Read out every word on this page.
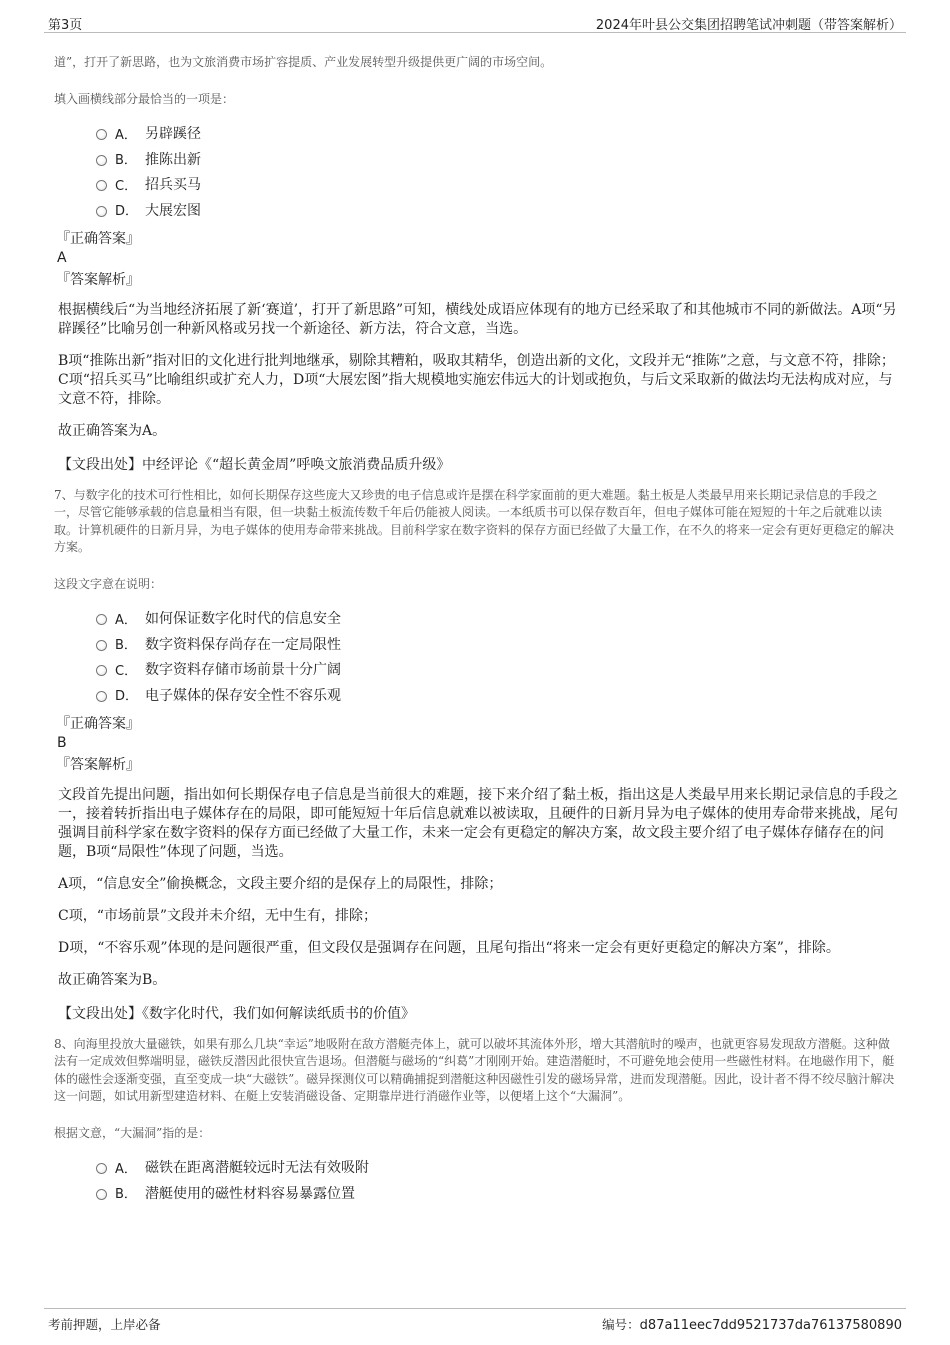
第3页	2024年叶县公交集团招聘笔试冲刺题（带答案解析）

道”，打开了新思路，也为文旅消费市场扩容提质、产业发展转型升级提供更广阔的市场空间。

填入画横线部分最恰当的一项是：
A． 另辟蹊径
B． 推陈出新
C． 招兵买马
D． 大展宏图
『正确答案』
A
『答案解析』

根据横线后“为当地经济拓展了新‘赛道’，打开了新思路”可知，横线处成语应体现有的地方已经采取了和其他城市不同的新做法。A项“另辟蹊径”比喻另创一种新风格或另找一个新途径、新方法，符合文意，当选。

B项“推陈出新”指对旧的文化进行批判地继承，剔除其糟粕，吸取其精华，创造出新的文化，文段并无“推陈”之意，与文意不符，排除；C项“招兵买马”比喻组织或扩充人力，D项“大展宏图”指大规模地实施宏伟远大的计划或抱负，与后文采取新的做法均无法构成对应，与文意不符，排除。

故正确答案为A。

【文段出处】中经评论《“超长黄金周”呼唤文旅消费品质升级》

7、与数字化的技术可行性相比，如何长期保存这些庞大又珍贵的电子信息或许是摆在科学家面前的更大难题。黏土板是人类最早用来长期记录信息的手段之一，尽管它能够承载的信息量相当有限，但一块黏土板流传数千年后仍能被人阅读。一本纸质书可以保存数百年，但电子媒体可能在短短的十年之后就难以读取。计算机硬件的日新月异，为电子媒体的使用寿命带来挑战。目前科学家在数字资料的保存方面已经做了大量工作，在不久的将来一定会有更好更稳定的解决方案。

这段文字意在说明：
A． 如何保证数字化时代的信息安全
B． 数字资料保存尚存在一定局限性
C． 数字资料存储市场前景十分广阔
D． 电子媒体的保存安全性不容乐观
『正确答案』
B
『答案解析』

文段首先提出问题，指出如何长期保存电子信息是当前很大的难题，接下来介绍了黏土板，指出这是人类最早用来长期记录信息的手段之一，接着转折指出电子媒体存在的局限，即可能短短十年后信息就难以被读取，且硬件的日新月异为电子媒体的使用寿命带来挑战，尾句强调目前科学家在数字资料的保存方面已经做了大量工作，未来一定会有更稳定的解决方案，故文段主要介绍了电子媒体存储存在的问题，B项“局限性”体现了问题，当选。

A项，“信息安全”偷换概念，文段主要介绍的是保存上的局限性，排除；

C项，“市场前景”文段并未介绍，无中生有，排除；

D项，“不容乐观”体现的是问题很严重，但文段仅是强调存在问题，且尾句指出“将来一定会有更好更稳定的解决方案”，排除。

故正确答案为B。

【文段出处】《数字化时代，我们如何解读纸质书的价值》

8、向海里投放大量磁铁，如果有那么几块“幸运”地吸附在敌方潜艇壳体上，就可以破坏其流体外形，增大其潜航时的噪声，也就更容易发现敌方潜艇。这种做法有一定成效但弊端明显，磁铁反潜因此很快宣告退场。但潜艇与磁场的“纠葛”才刚刚开始。建造潜艇时，不可避免地会使用一些磁性材料。在地磁作用下，艇体的磁性会逐渐变强，直至变成一块“大磁铁”。磁异探测仪可以精确捕捉到潜艇这种因磁性引发的磁场异常，进而发现潜艇。因此，设计者不得不绞尽脑汁解决这一问题，如试用新型建造材料、在艇上安装消磁设备、定期靠岸进行消磁作业等，以便堵上这个“大漏洞”。

根据文意，“大漏洞”指的是：
A． 磁铁在距离潜艇较远时无法有效吸附
B． 潜艇使用的磁性材料容易暴露位置
考前押题，上岸必备	编号：d87a11eec7dd9521737da76137580890
